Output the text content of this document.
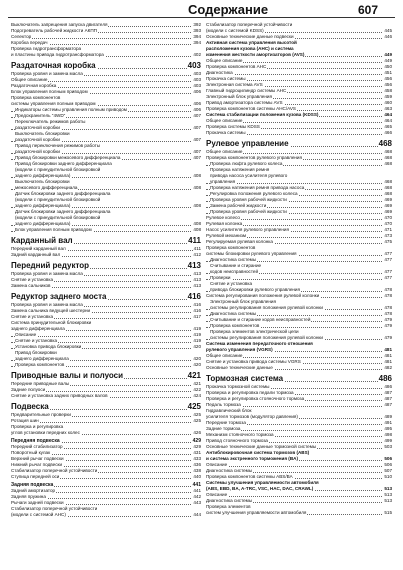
Содержание	607
Выключатель запрещения запуска двигателя	392
Подогреватель рабочей жидкости АКПП	393
Селектор	394
Коробка передач	394
Проверка гидротрансформатора
и пластины привода гидротрансформатора	402
Раздаточная коробка	403
Проверка уровня и замена масла	403
Общее описание	403
Раздаточная коробка	403
Блок управления полным приводом	406
Проверка компонентов
системы управления полным приводом	406
Индикаторы системы управления полным приводом	406
Предохранитель "4WD"	407
Переключатель режимов работы
раздаточной коробки	407
Выключатель блокировки
раздаточной коробки	407
Привод переключения режимов работы
раздаточной коробки	407
Привод блокировки межосевого дифференциала	407
Привод блокировки заднего дифференциала
(модели с принудительной блокировкой
заднего дифференциала)	408
Выключатель блокировки
межосевого дифференциала	408
Датчик блокировки заднего дифференциала
(модели с принудительной блокировкой
заднего дифференциала)	408
Датчик блокировки заднего дифференциала
(модели с принудительной блокировкой
заднего дифференциала)	408
Блок управления полным приводом	408
Карданный вал	411
Передний карданный вал	411
Задний карданный вал	412
Передний редуктор	413
Проверка уровня и замена масла	413
Снятие и установка	413
Замена сальников	413
Редуктор заднего моста	416
Проверка уровня и замена масла	416
Замена сальника ведущей шестерни	416
Снятие и установка	417
Система принудительной блокировки
заднего дифференциала	419
Описание	419
Снятие и установка	419
Установка привода блокировки	420
Привод блокировки
заднего дифференциала	420
Проверка компонентов	420
Приводные валы и полуоси	421
Передние приводные валы	421
Задние полуоси	422
Снятие и установка задних приводных валов	424
Подвеска	425
Предварительные проверки	425
Ротация шин	425
Проверка и регулировка
углов установки передних колес	426
Передняя подвеска	429
Передний стабилизатор	429
Поворотный кулак	431
Верхний рычаг подвески	433
Нижний рычаг подвески	436
Стабилизатор поперечной устойчивости	438
Ступица передней оси	440
Задняя подвеска	441
Задний амортизатор	441
Задняя пружина	442
Рычаги задней подвески	443
Стабилизатор поперечной устойчивости
(модели с системой AHC)	444
Стабилизатор поперечной устойчивости
(модели с системой KDSS)	445
Основные технические данные подвески	446
Активная система управления высотой
расположения кузова (AHC) и система
изменения жесткости амортизаторов (AVS)	449
Общее описание	449
Проверка компонентов AHC	450
Диагностика	451
Прокачка системы	456
Электронная система AVS	456
Главный гидроцилиндр системы AHC	458
Электронный блок управления	459
Привод амортизатора системы AVS	460
Проверка компонентов системы AHC/AVS	463
Система стабилизации положения кузова (KDSS)	464
Общее описание	464
Проверка системы KDSS	465
Прокачка системы	466
Рулевое управление	468
Общее описание	468
Проверка компонентов рулевого управления	468
Проверка люфта рулевого колеса	468
Проверка натяжения ремня
привода насоса усилителя рулевого
управления	468
Проверка натяжения ремня привода насоса	468
Регулировка положения рулевого колеса	468
Проверка уровня рабочей жидкости	469
Замена рабочей жидкости	469
Проверка уровня рабочей жидкости	469
Рулевое колесо	470
Рулевая колонка	470
Насос усилителя рулевого управления	471
Рулевой механизм	473
Регулируемая рулевая колонка	475
Проверка компонентов
системы блокировки рулевого управления	477
Диагностика системы	477
Считывание и стирание
кодов неисправностей	477
Проверки	477
Снятие и установка
привода блокировки рулевого управления	478
Система регулирования положения рулевой колонки	478
Электронный блок управления
системы регулирования положения рулевой колонки	478
Диагностика системы	478
Считывание и стирание кодов неисправностей	479
Проверка компонентов	479
Проверка элементов электрической цепи
системы регулирования положения рулевой колонки	479
Система изменения передаточного отношения
рулевого управления (VGRS)	481
Общее описание	481
Снятие и установка привода системы VGRS	481
Основные технические данные	482
Тормозная система	486
Прокачка тормозной системы	486
Проверка и регулировка педали тормоза	487
Проверка и регулировка стояночного тормоза	487
Педаль тормоза	487
Гидравлический блок
усилителя тормозов (модулятор давления)	489
Передние тормоза	491
Задние тормоза	495
Механизм стояночного тормоза	498
Привод стояночного тормоза	499
Основные технические данные тормозной системы	503
Антиблокировочная система тормозов (ABS)
и система экстренного торможения (BA)	506
Описание	506
Диагностика системы	507
Проверка компонентов системы ABS/BA	510
Системы улучшения управляемости автомобиля
(ABS, EBD, BA, A-TRC, VSC, HAC, DAC, CRAWL)	513
Описание	513
Диагностика системы	513
Проверка элементов
систем улучшения управляемости автомобиля	515
